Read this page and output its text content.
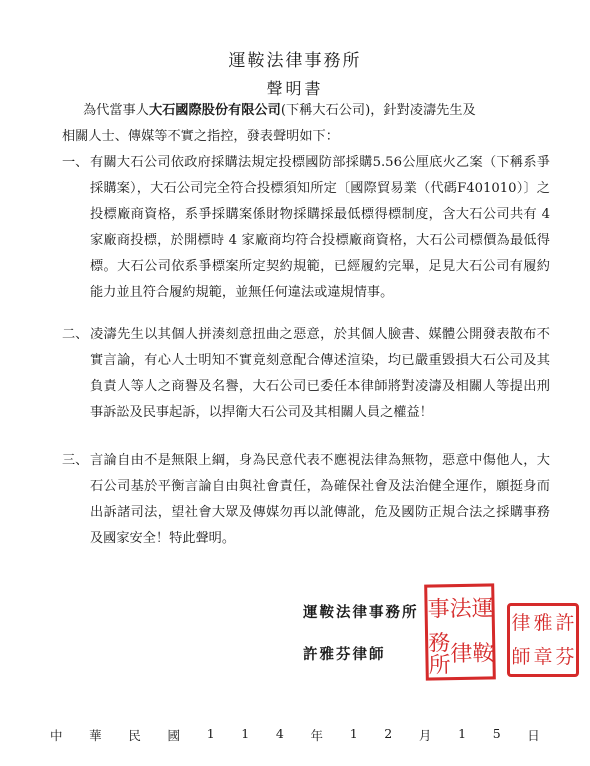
運鞍法律事務所
聲明書
為代當事人大石國際股份有限公司(下稱大石公司)，針對凌濤先生及
相關人士、傳媒等不實之指控，發表聲明如下：
一、 有關大石公司依政府採購法規定投標國防部採購5.56公厘底火乙案（下稱系爭採購案），大石公司完全符合投標須知所定〔國際貿易業（代碼F401010）〕之投標廠商資格，系爭採購案係財物採購採最低標得標制度，含大石公司共有 4 家廠商投標，於開標時 4 家廠商均符合投標廠商資格，大石公司標價為最低得標。大石公司依系爭標案所定契約規範，已經履約完畢，足見大石公司有履約能力並且符合履約規範，並無任何違法或違規情事。
二、 凌濤先生以其個人拼湊刻意扭曲之惡意，於其個人臉書、媒體公開發表散布不實言論，有心人士明知不實竟刻意配合傳述渲染，均已嚴重毀損大石公司及其負責人等人之商譽及名譽，大石公司已委任本律師將對凌濤及相關人等提出刑事訴訟及民事起訴，以捍衛大石公司及其相關人員之權益！
三、 言論自由不是無限上綱，身為民意代表不應視法律為無物，惡意中傷他人，大石公司基於平衡言論自由與社會責任，為確保社會及法治健全運作，願挺身而出訴諸司法，望社會大眾及傳媒勿再以訛傳訛，危及國防正規合法之採購事務及國家安全！特此聲明。
運鞍法律事務所
許雅芬律師
事 法 運
務所 律 鞍
律 雅 許
師 章 芬
中 華 民 國 1 1 4 年 1 2 月 1 5 日
